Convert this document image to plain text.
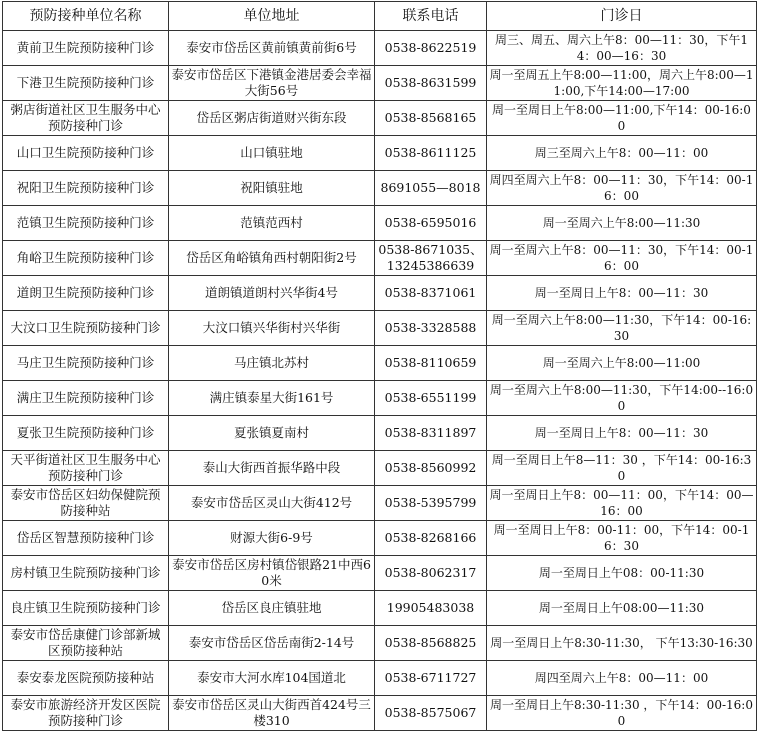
预防接种单位名称	单位地址	联系电话	门诊日
黄前卫生院预防接种门诊	泰安市岱岳区黄前镇黄前街6号	0538-8622519	周三、周五、周六上午8：00—11：30，下午14：00—16：30
下港卫生院预防接种门诊	泰安市岱岳区下港镇金港居委会幸福大街56号	0538-8631599	周一至周五上午8:00—11:00，周六上午8:00—11:00,下午14:00—17:00
粥店街道社区卫生服务中心预防接种门诊	岱岳区粥店街道财兴街东段	0538-8568165	周一至周日上午8:00—11:00,下午14：00-16:00
山口卫生院预防接种门诊	山口镇驻地	0538-8611125	周三至周六上午8：00—11：00
祝阳卫生院预防接种门诊	祝阳镇驻地	8691055—8018	周四至周六上午8：00—11：30，下午14：00-16：00
范镇卫生院预防接种门诊	范镇范西村	0538-6595016	周一至周六上午8:00—11:30
角峪卫生院预防接种门诊	岱岳区角峪镇角西村朝阳街2号	0538-8671035、13245386639	周一至周六上午8：00—11：30，下午14：00-16：00
道朗卫生院预防接种门诊	道朗镇道朗村兴华街4号	0538-8371061	周一至周日上午8：00—11：30
大汶口卫生院预防接种门诊	大汶口镇兴华街村兴华街	0538-3328588	周一至周六上午8:00—11:30，下午14：00-16:30
马庄卫生院预防接种门诊	马庄镇北苏村	0538-8110659	周一至周六上午8:00—11:00
满庄卫生院预防接种门诊	满庄镇泰星大街161号	0538-6551199	周一至周六上午8:00—11:30，下午14:00--16:00
夏张卫生院预防接种门诊	夏张镇夏南村	0538-8311897	周一至周日上午8：00—11：30
天平街道社区卫生服务中心预防接种门诊	泰山大街西首振华路中段	0538-8560992	周一至周日上午8—11：30 ，下午14：00-16:30
泰安市岱岳区妇幼保健院预防接种站	泰安市岱岳区灵山大街412号	0538-5395799	周一至周日上午8：00—11：00，下午14：00—16：00
岱岳区智慧预防接种门诊	财源大街6-9号	0538-8268166	周一至周日上午8：00-11：00，下午14：00-16：30
房村镇卫生院预防接种门诊	泰安市岱岳区房村镇岱银路21中西60米	0538-8062317	周一至周日上午08：00-11:30
良庄镇卫生院预防接种门诊	岱岳区良庄镇驻地	19905483038	周一至周日上午08:00—11:30
泰安市岱岳康健门诊部新城区预防接种站	泰安市岱岳区岱岳南街2-14号	0538-8568825	周一至周日上午8:30-11:30， 下午13:30-16:30
泰安泰龙医院预防接种站	泰安市大河水库104国道北	0538-6711727	周四至周六上午8：00—11：00
泰安市旅游经济开发区医院预防接种门诊	泰安市岱岳区灵山大街西首424号三楼310	0538-8575067	周一至周日上午8:30-11:30 ，下午14：00-16:00
